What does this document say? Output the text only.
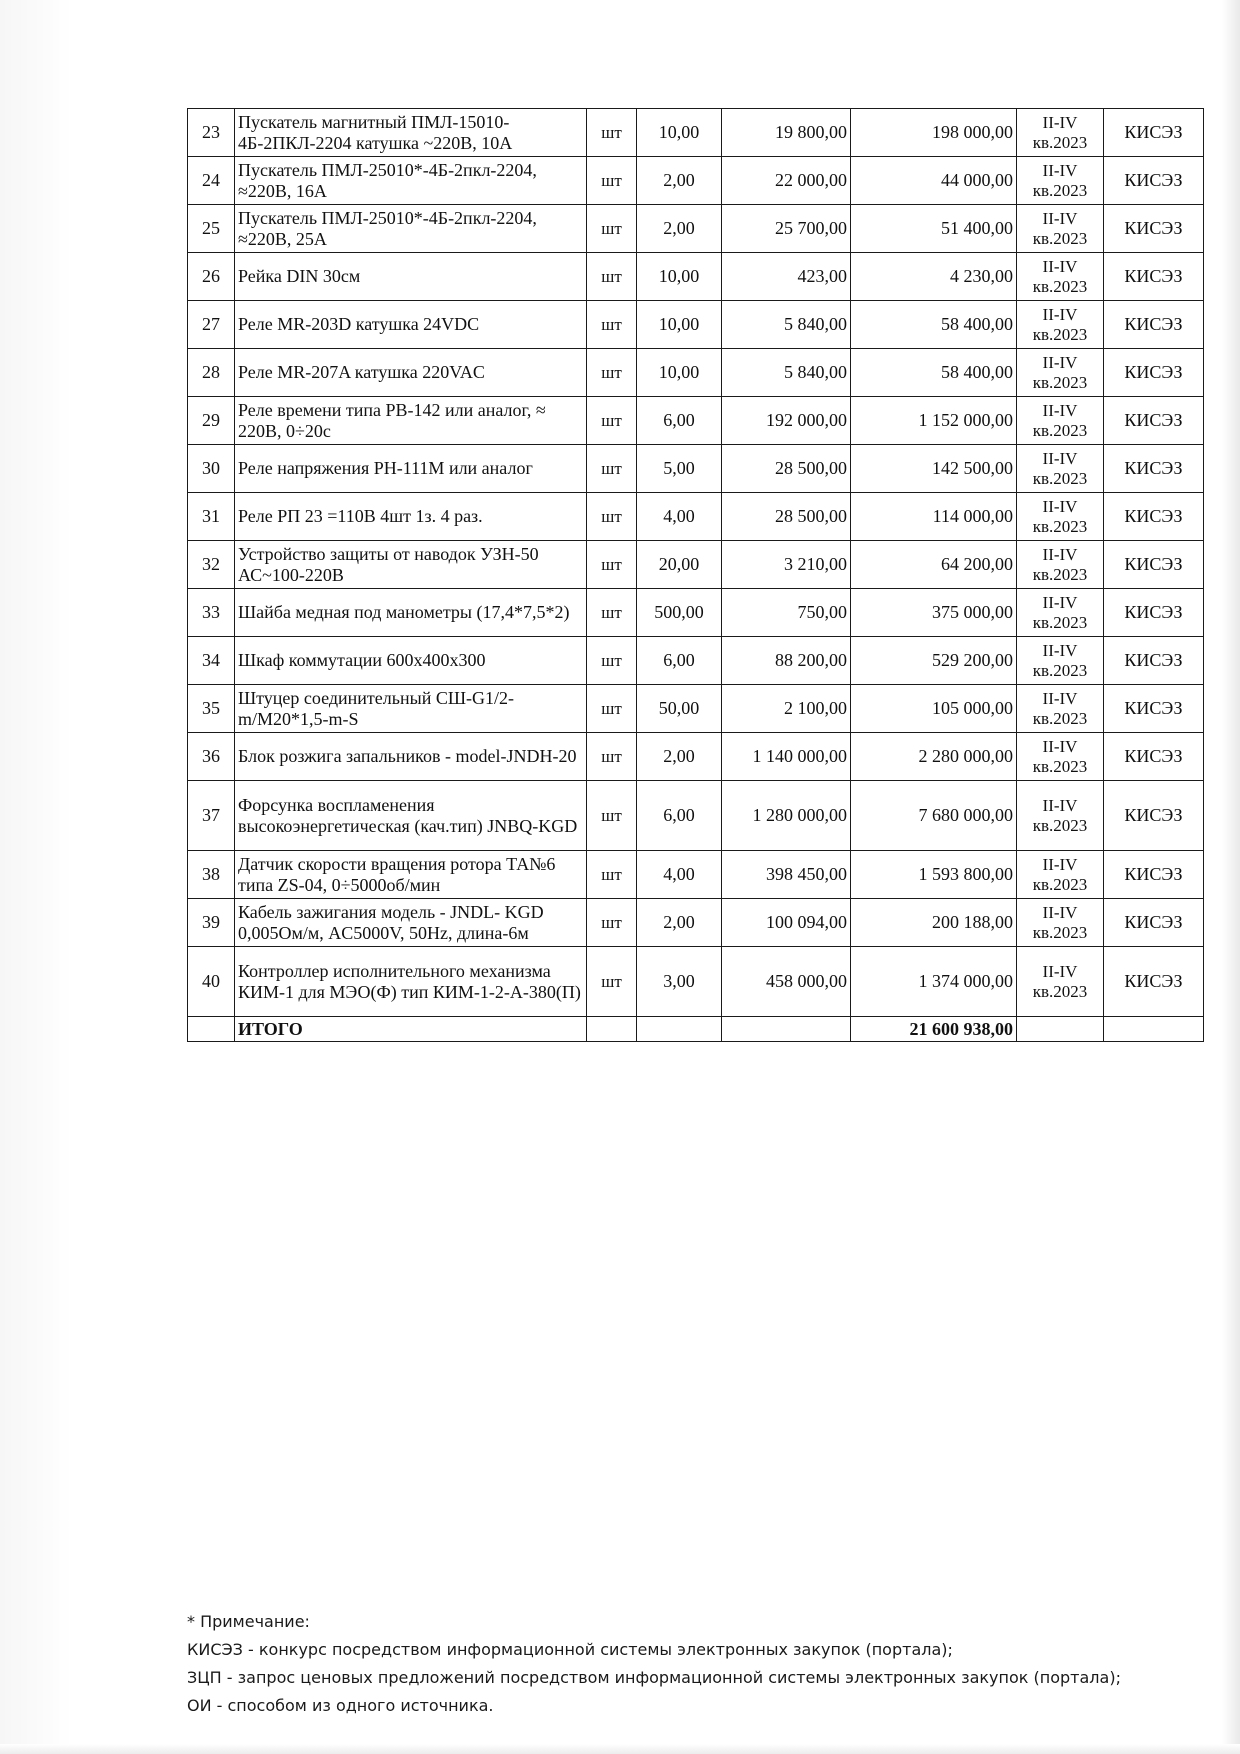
23	Пускатель магнитный ПМЛ-15010-4Б-2ПКЛ-2204 катушка ~220В, 10А	шт	10,00	19 800,00	198 000,00	II-IV кв.2023	КИСЭЗ
24	Пускатель ПМЛ-25010*-4Б-2пкл-2204, ≈220В, 16А	шт	2,00	22 000,00	44 000,00	II-IV кв.2023	КИСЭЗ
25	Пускатель ПМЛ-25010*-4Б-2пкл-2204, ≈220В, 25А	шт	2,00	25 700,00	51 400,00	II-IV кв.2023	КИСЭЗ
26	Рейка DIN 30см	шт	10,00	423,00	4 230,00	II-IV кв.2023	КИСЭЗ
27	Реле MR-203D катушка 24VDC	шт	10,00	5 840,00	58 400,00	II-IV кв.2023	КИСЭЗ
28	Реле MR-207A катушка 220VAC	шт	10,00	5 840,00	58 400,00	II-IV кв.2023	КИСЭЗ
29	Реле времени типа РВ-142 или аналог, ≈ 220В, 0÷20с	шт	6,00	192 000,00	1 152 000,00	II-IV кв.2023	КИСЭЗ
30	Реле напряжения РН-111М или аналог	шт	5,00	28 500,00	142 500,00	II-IV кв.2023	КИСЭЗ
31	Реле РП 23 =110В 4шт 1з. 4 раз.	шт	4,00	28 500,00	114 000,00	II-IV кв.2023	КИСЭЗ
32	Устройство защиты от наводок УЗН-50 АС~100-220В	шт	20,00	3 210,00	64 200,00	II-IV кв.2023	КИСЭЗ
33	Шайба медная под манометры (17,4*7,5*2)	шт	500,00	750,00	375 000,00	II-IV кв.2023	КИСЭЗ
34	Шкаф коммутации 600х400х300	шт	6,00	88 200,00	529 200,00	II-IV кв.2023	КИСЭЗ
35	Штуцер соединительный СШ-G1/2-m/M20*1,5-m-S	шт	50,00	2 100,00	105 000,00	II-IV кв.2023	КИСЭЗ
36	Блок розжига запальников - model-JNDH-20	шт	2,00	1 140 000,00	2 280 000,00	II-IV кв.2023	КИСЭЗ
37	Форсунка воспламенения высокоэнергетическая (кач.тип) JNBQ-KGD	шт	6,00	1 280 000,00	7 680 000,00	II-IV кв.2023	КИСЭЗ
38	Датчик скорости вращения ротора ТА№6 типа ZS-04, 0÷5000об/мин	шт	4,00	398 450,00	1 593 800,00	II-IV кв.2023	КИСЭЗ
39	Кабель зажигания модель - JNDL- KGD 0,005Ом/м, AC5000V, 50Hz, длина-6м	шт	2,00	100 094,00	200 188,00	II-IV кв.2023	КИСЭЗ
40	Контроллер исполнительного механизма КИМ-1 для МЭО(Ф) тип КИМ-1-2-А-380(П)	шт	3,00	458 000,00	1 374 000,00	II-IV кв.2023	КИСЭЗ
	ИТОГО				21 600 938,00		
* Примечание:
КИСЭЗ - конкурс посредством информационной системы электронных закупок (портала);
ЗЦП - запрос ценовых предложений посредством информационной системы электронных закупок (портала);
ОИ - способом из одного источника.
